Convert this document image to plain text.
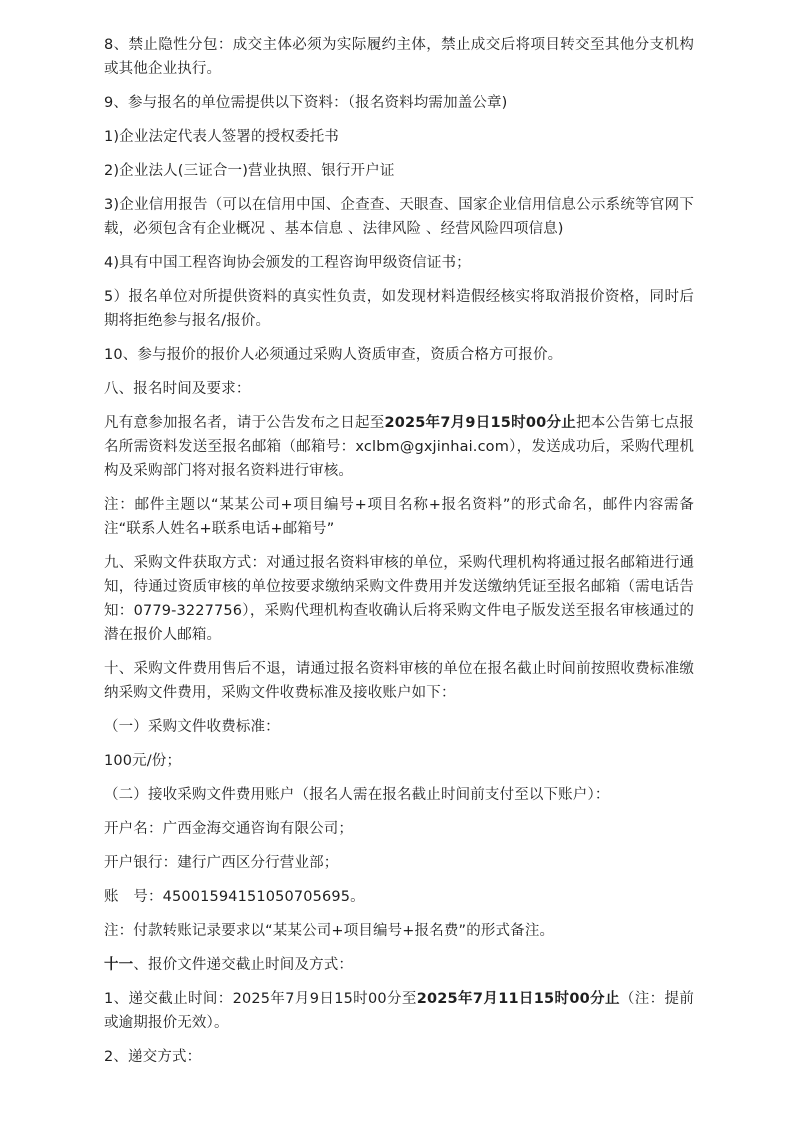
8、禁止隐性分包：成交主体必须为实际履约主体，禁止成交后将项目转交至其他分支机构或其他企业执行。

9、参与报名的单位需提供以下资料：（报名资料均需加盖公章)

1)企业法定代表人签署的授权委托书

2)企业法人(三证合一)营业执照、银行开户证

3)企业信用报告（可以在信用中国、企查查、天眼查、国家企业信用信息公示系统等官网下载，必须包含有企业概况 、基本信息 、法律风险 、经营风险四项信息)

4)具有中国工程咨询协会颁发的工程咨询甲级资信证书；

5）报名单位对所提供资料的真实性负责，如发现材料造假经核实将取消报价资格，同时后期将拒绝参与报名/报价。

10、参与报价的报价人必须通过采购人资质审查，资质合格方可报价。

八、报名时间及要求：

凡有意参加报名者，请于公告发布之日起至2025年7月9日15时00分止把本公告第七点报名所需资料发送至报名邮箱（邮箱号：xclbm@gxjinhai.com），发送成功后，采购代理机构及采购部门将对报名资料进行审核。

注：邮件主题以“某某公司+项目编号+项目名称+报名资料”的形式命名，邮件内容需备注“联系人姓名+联系电话+邮箱号”

九、采购文件获取方式：对通过报名资料审核的单位，采购代理机构将通过报名邮箱进行通知，待通过资质审核的单位按要求缴纳采购文件费用并发送缴纳凭证至报名邮箱（需电话告知：0779-3227756），采购代理机构查收确认后将采购文件电子版发送至报名审核通过的潜在报价人邮箱。

十、采购文件费用售后不退，请通过报名资料审核的单位在报名截止时间前按照收费标准缴纳采购文件费用，采购文件收费标准及接收账户如下：

（一）采购文件收费标准：

100元/份；

（二）接收采购文件费用账户（报名人需在报名截止时间前支付至以下账户）：

开户名：广西金海交通咨询有限公司；

开户银行：建行广西区分行营业部；

账　号：45001594151050705695。

注：付款转账记录要求以“某某公司+项目编号+报名费”的形式备注。

十一、报价文件递交截止时间及方式：

1、递交截止时间：2025年7月9日15时00分至2025年7月11日15时00分止（注：提前或逾期报价无效）。

2、递交方式：
